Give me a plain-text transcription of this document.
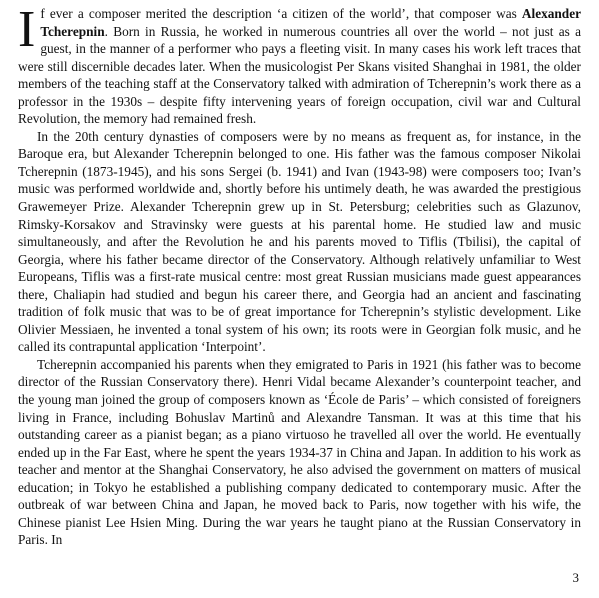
If ever a composer merited the description ‘a citizen of the world’, that composer was Alexander Tcherepnin. Born in Russia, he worked in numerous countries all over the world – not just as a guest, in the manner of a performer who pays a fleeting visit. In many cases his work left traces that were still discernible decades later. When the musicologist Per Skans visited Shanghai in 1981, the older members of the teaching staff at the Conservatory talked with admiration of Tcherepnin’s work there as a professor in the 1930s – despite fifty intervening years of foreign occupation, civil war and Cultural Revolution, the memory had remained fresh.

In the 20th century dynasties of composers were by no means as frequent as, for instance, in the Baroque era, but Alexander Tcherepnin belonged to one. His father was the famous composer Nikolai Tcherepnin (1873-1945), and his sons Sergei (b. 1941) and Ivan (1943-98) were composers too; Ivan’s music was performed worldwide and, shortly before his untimely death, he was awarded the prestigious Grawemeyer Prize. Alexander Tcherepnin grew up in St. Petersburg; celebrities such as Glazunov, Rimsky-Korsakov and Stravinsky were guests at his parental home. He studied law and music simultaneously, and after the Revolution he and his parents moved to Tiflis (Tbilisi), the capital of Georgia, where his father became director of the Conservatory. Although relatively unfamiliar to West Europeans, Tiflis was a first-rate musical centre: most great Russian musicians made guest appearances there, Chaliapin had studied and begun his career there, and Georgia had an ancient and fascinating tradition of folk music that was to be of great importance for Tcherepnin’s stylistic development. Like Olivier Messiaen, he invented a tonal system of his own; its roots were in Georgian folk music, and he called its contrapuntal application ‘Interpoint’.

Tcherepnin accompanied his parents when they emigrated to Paris in 1921 (his father was to become director of the Russian Conservatory there). Henri Vidal became Alexander’s counterpoint teacher, and the young man joined the group of composers known as ‘École de Paris’ – which consisted of foreigners living in France, including Bohuslav Martinů and Alexandre Tansman. It was at this time that his outstanding career as a pianist began; as a piano virtuoso he travelled all over the world. He eventually ended up in the Far East, where he spent the years 1934-37 in China and Japan. In addition to his work as teacher and mentor at the Shanghai Conservatory, he also advised the government on matters of musical education; in Tokyo he established a publishing company dedicated to contemporary music. After the outbreak of war between China and Japan, he moved back to Paris, now together with his wife, the Chinese pianist Lee Hsien Ming. During the war years he taught piano at the Russian Conservatory in Paris. In

3
